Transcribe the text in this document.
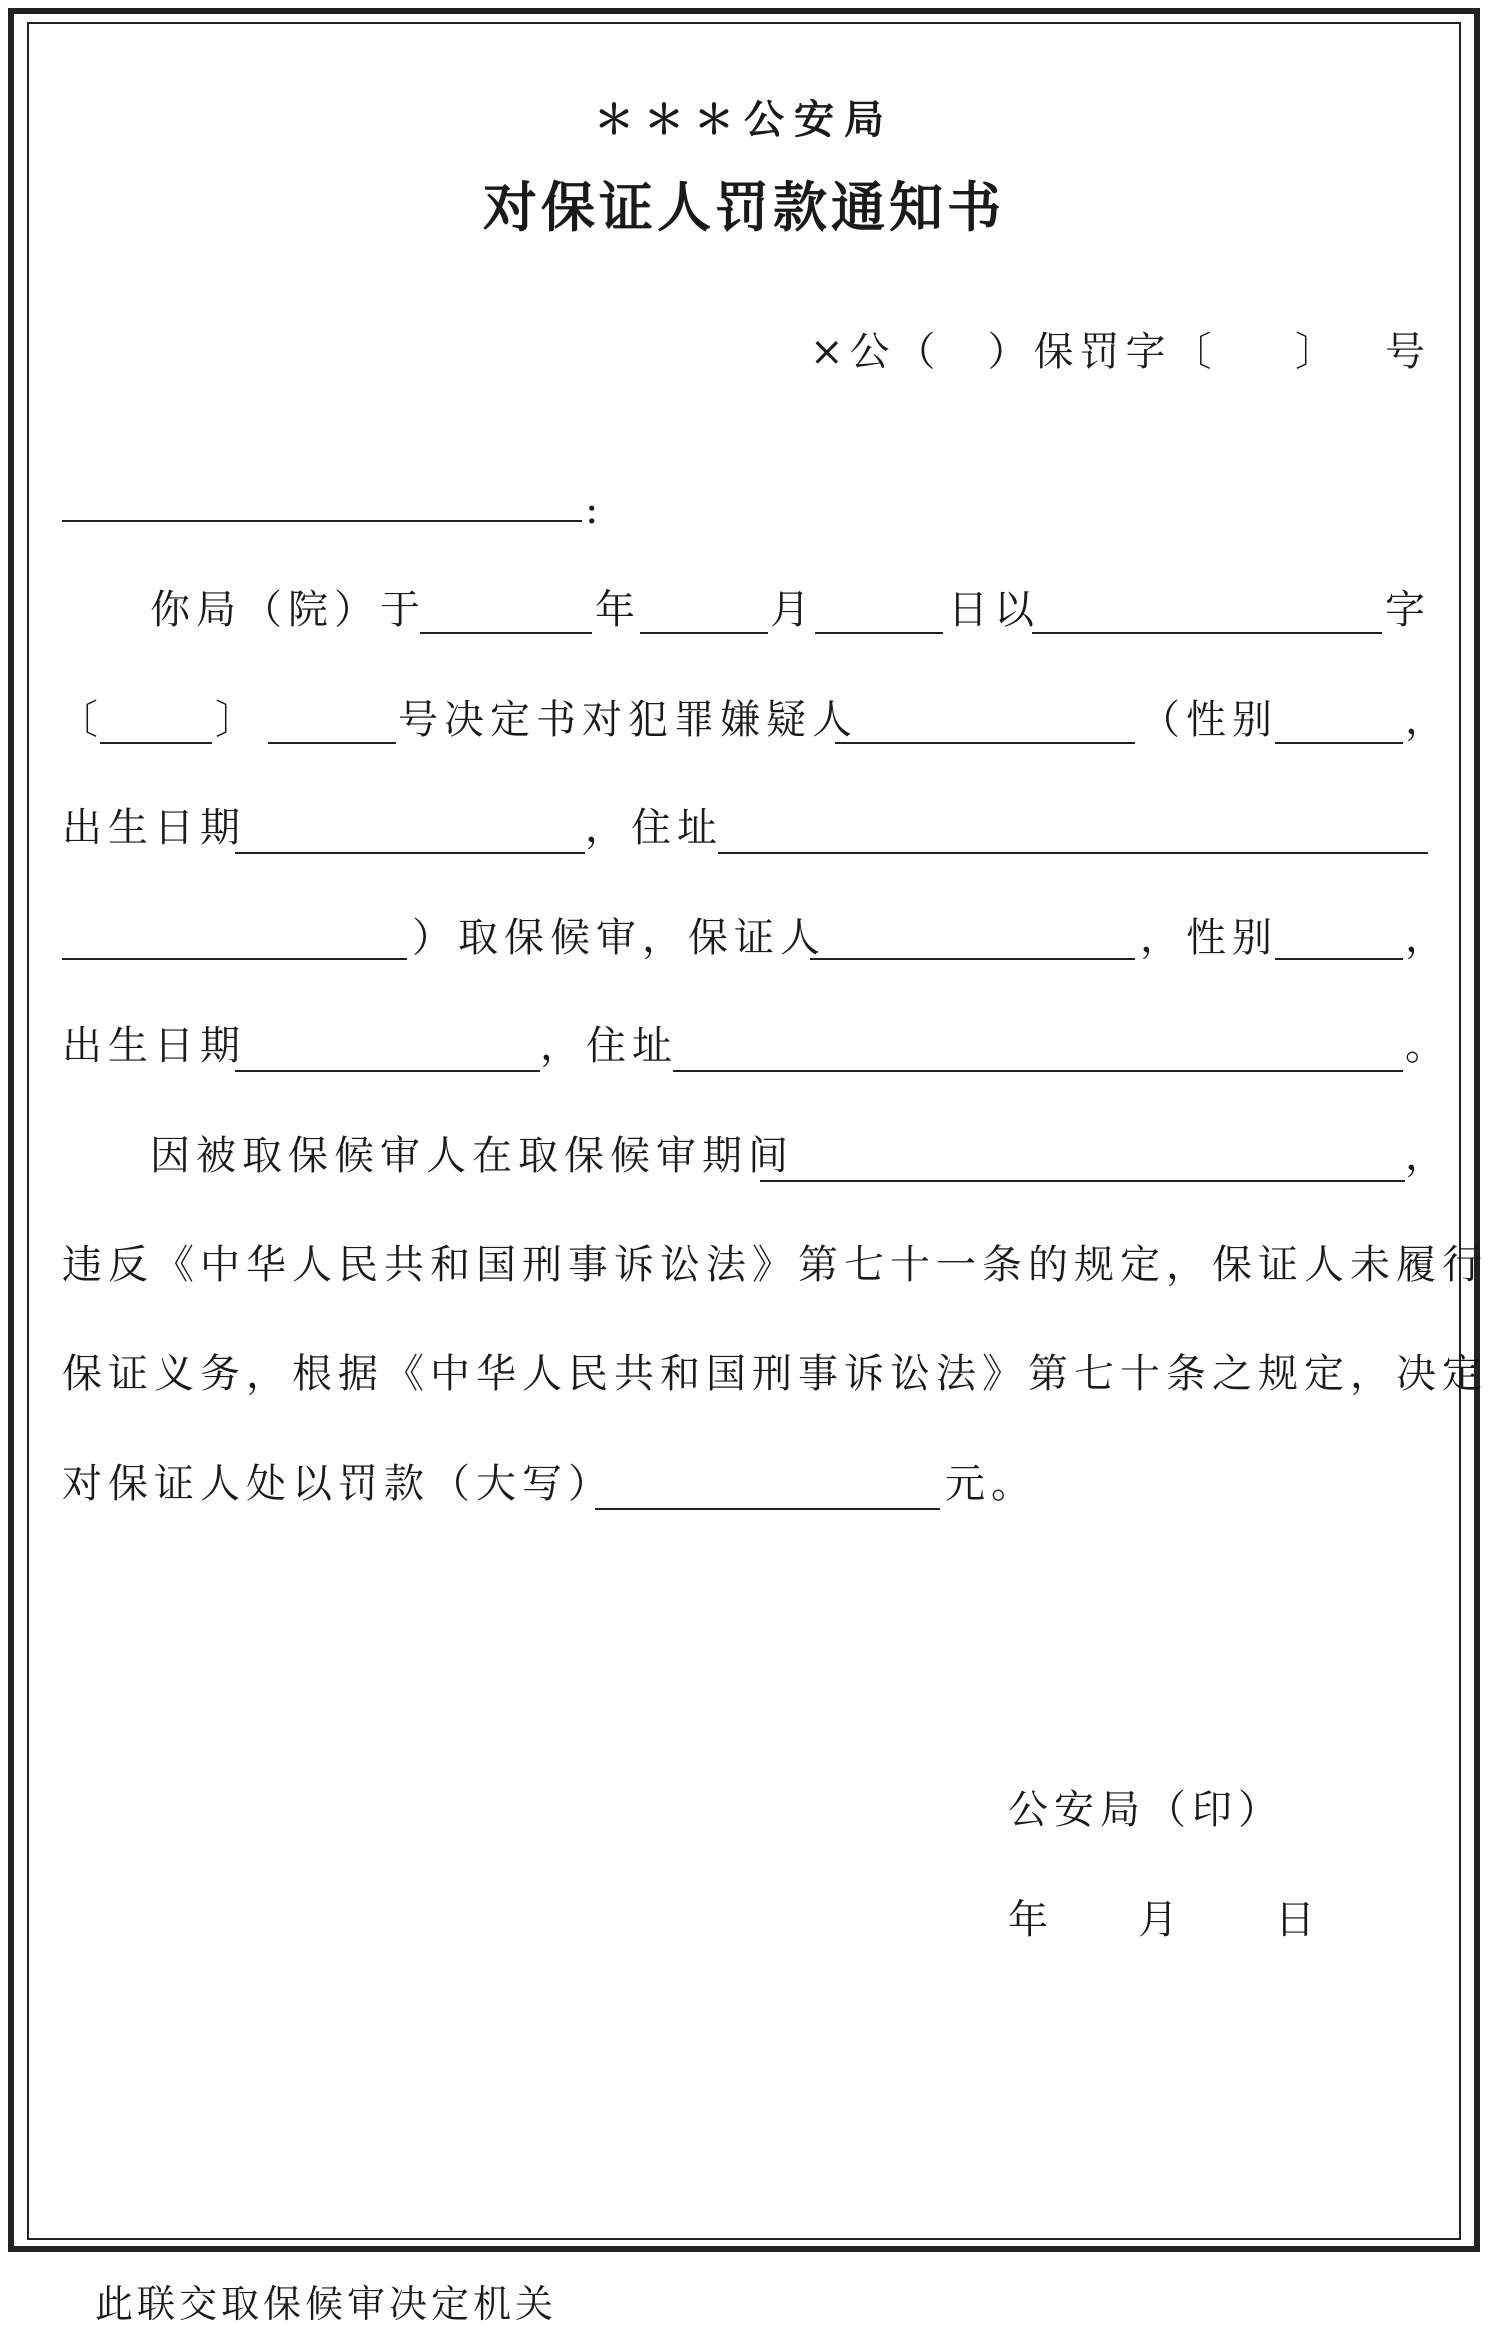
＊＊＊公安局
对保证人罚款通知书
×公（　）保罚字〔 〕 号
:
你局（院）于	年	月	日以	字
〔	〕	号决定书对犯罪嫌疑人	（性别	，
出生日期	，住址
）取保候审，保证人	，性别	，
出生日期	，住址	。
因被取保候审人在取保候审期间	，
违反《中华人民共和国刑事诉讼法》第七十一条的规定，保证人未履行
保证义务，根据《中华人民共和国刑事诉讼法》第七十条之规定，决定
对保证人处以罚款（大写）	元。
公安局（印）
年 月 日
此联交取保候审决定机关
